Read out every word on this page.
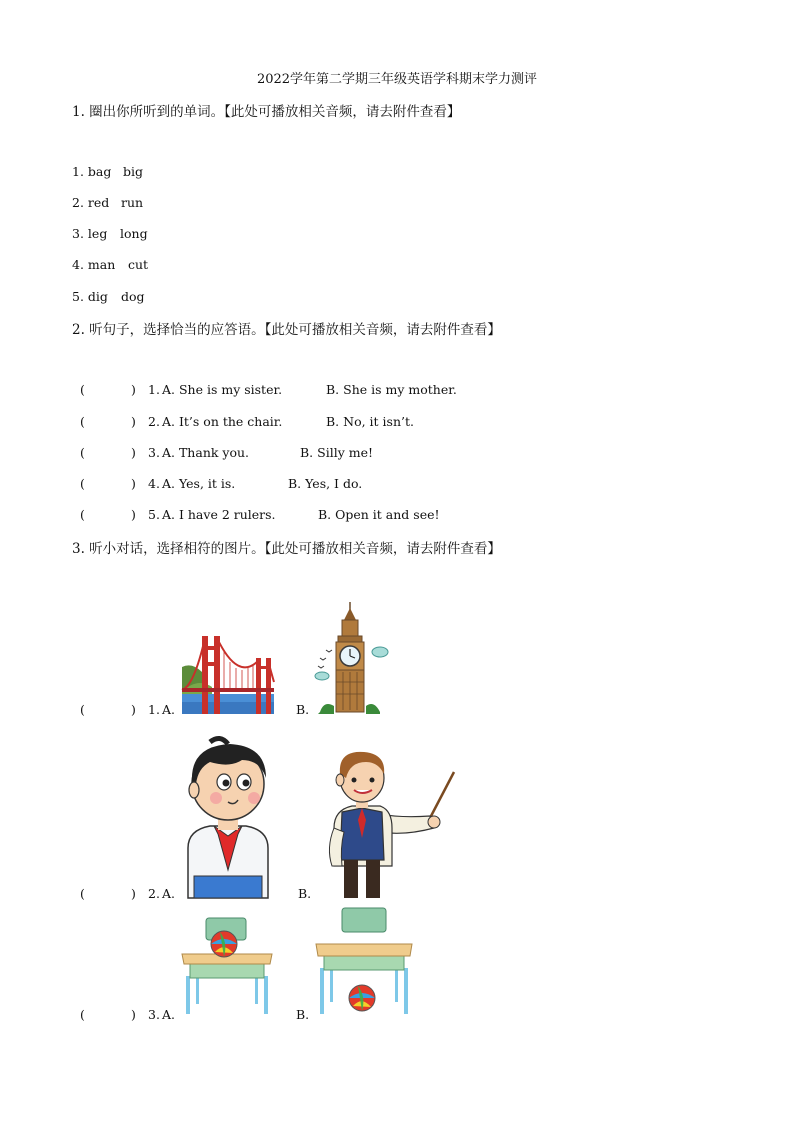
2022学年第二学期三年级英语学科期末学力测评
1. 圈出你所听到的单词。【此处可播放相关音频，请去附件查看】
1. bag big
2. red run
3. leg long
4. man cut
5. dig dog
2. 听句子，选择恰当的应答语。【此处可播放相关音频，请去附件查看】
(	) 1. A. She is my sister.	B. She is my mother.
(	) 2. A. It’s on the chair.	B. No, it isn’t.
(	) 3. A. Thank you.	B. Silly me!
(	) 4. A. Yes, it is.	B. Yes, I do.
(	) 5. A. I have 2 rulers.	B. Open it and see!
3. 听小对话，选择相符的图片。【此处可播放相关音频，请去附件查看】
(	) 1. A.	B.
(	) 2. A.	B.
(	) 3. A.	B.
